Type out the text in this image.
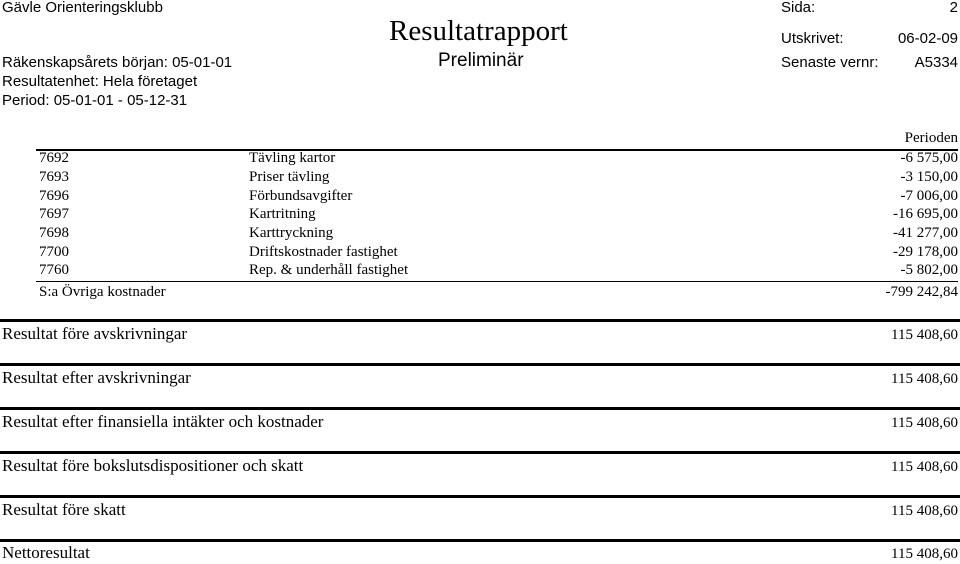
Gävle Orienteringsklubb
Resultatrapport
Preliminär
Sida:	2
Utskrivet:	06-02-09
Senaste vernr: A5334
Räkenskapsårets början: 05-01-01
Resultatenhet: Hela företaget
Period: 05-01-01 - 05-12-31
Perioden
7692	Tävling kartor	-6 575,00
7693	Priser tävling	-3 150,00
7696	Förbundsavgifter	-7 006,00
7697	Kartritning	-16 695,00
7698	Karttryckning	-41 277,00
7700	Driftskostnader fastighet	-29 178,00
7760	Rep. & underhåll fastighet	-5 802,00
S:a Övriga kostnader	-799 242,84
Resultat före avskrivningar	115 408,60
Resultat efter avskrivningar	115 408,60
Resultat efter finansiella intäkter och kostnader	115 408,60
Resultat före bokslutsdispositioner och skatt	115 408,60
Resultat före skatt	115 408,60
Nettoresultat	115 408,60
